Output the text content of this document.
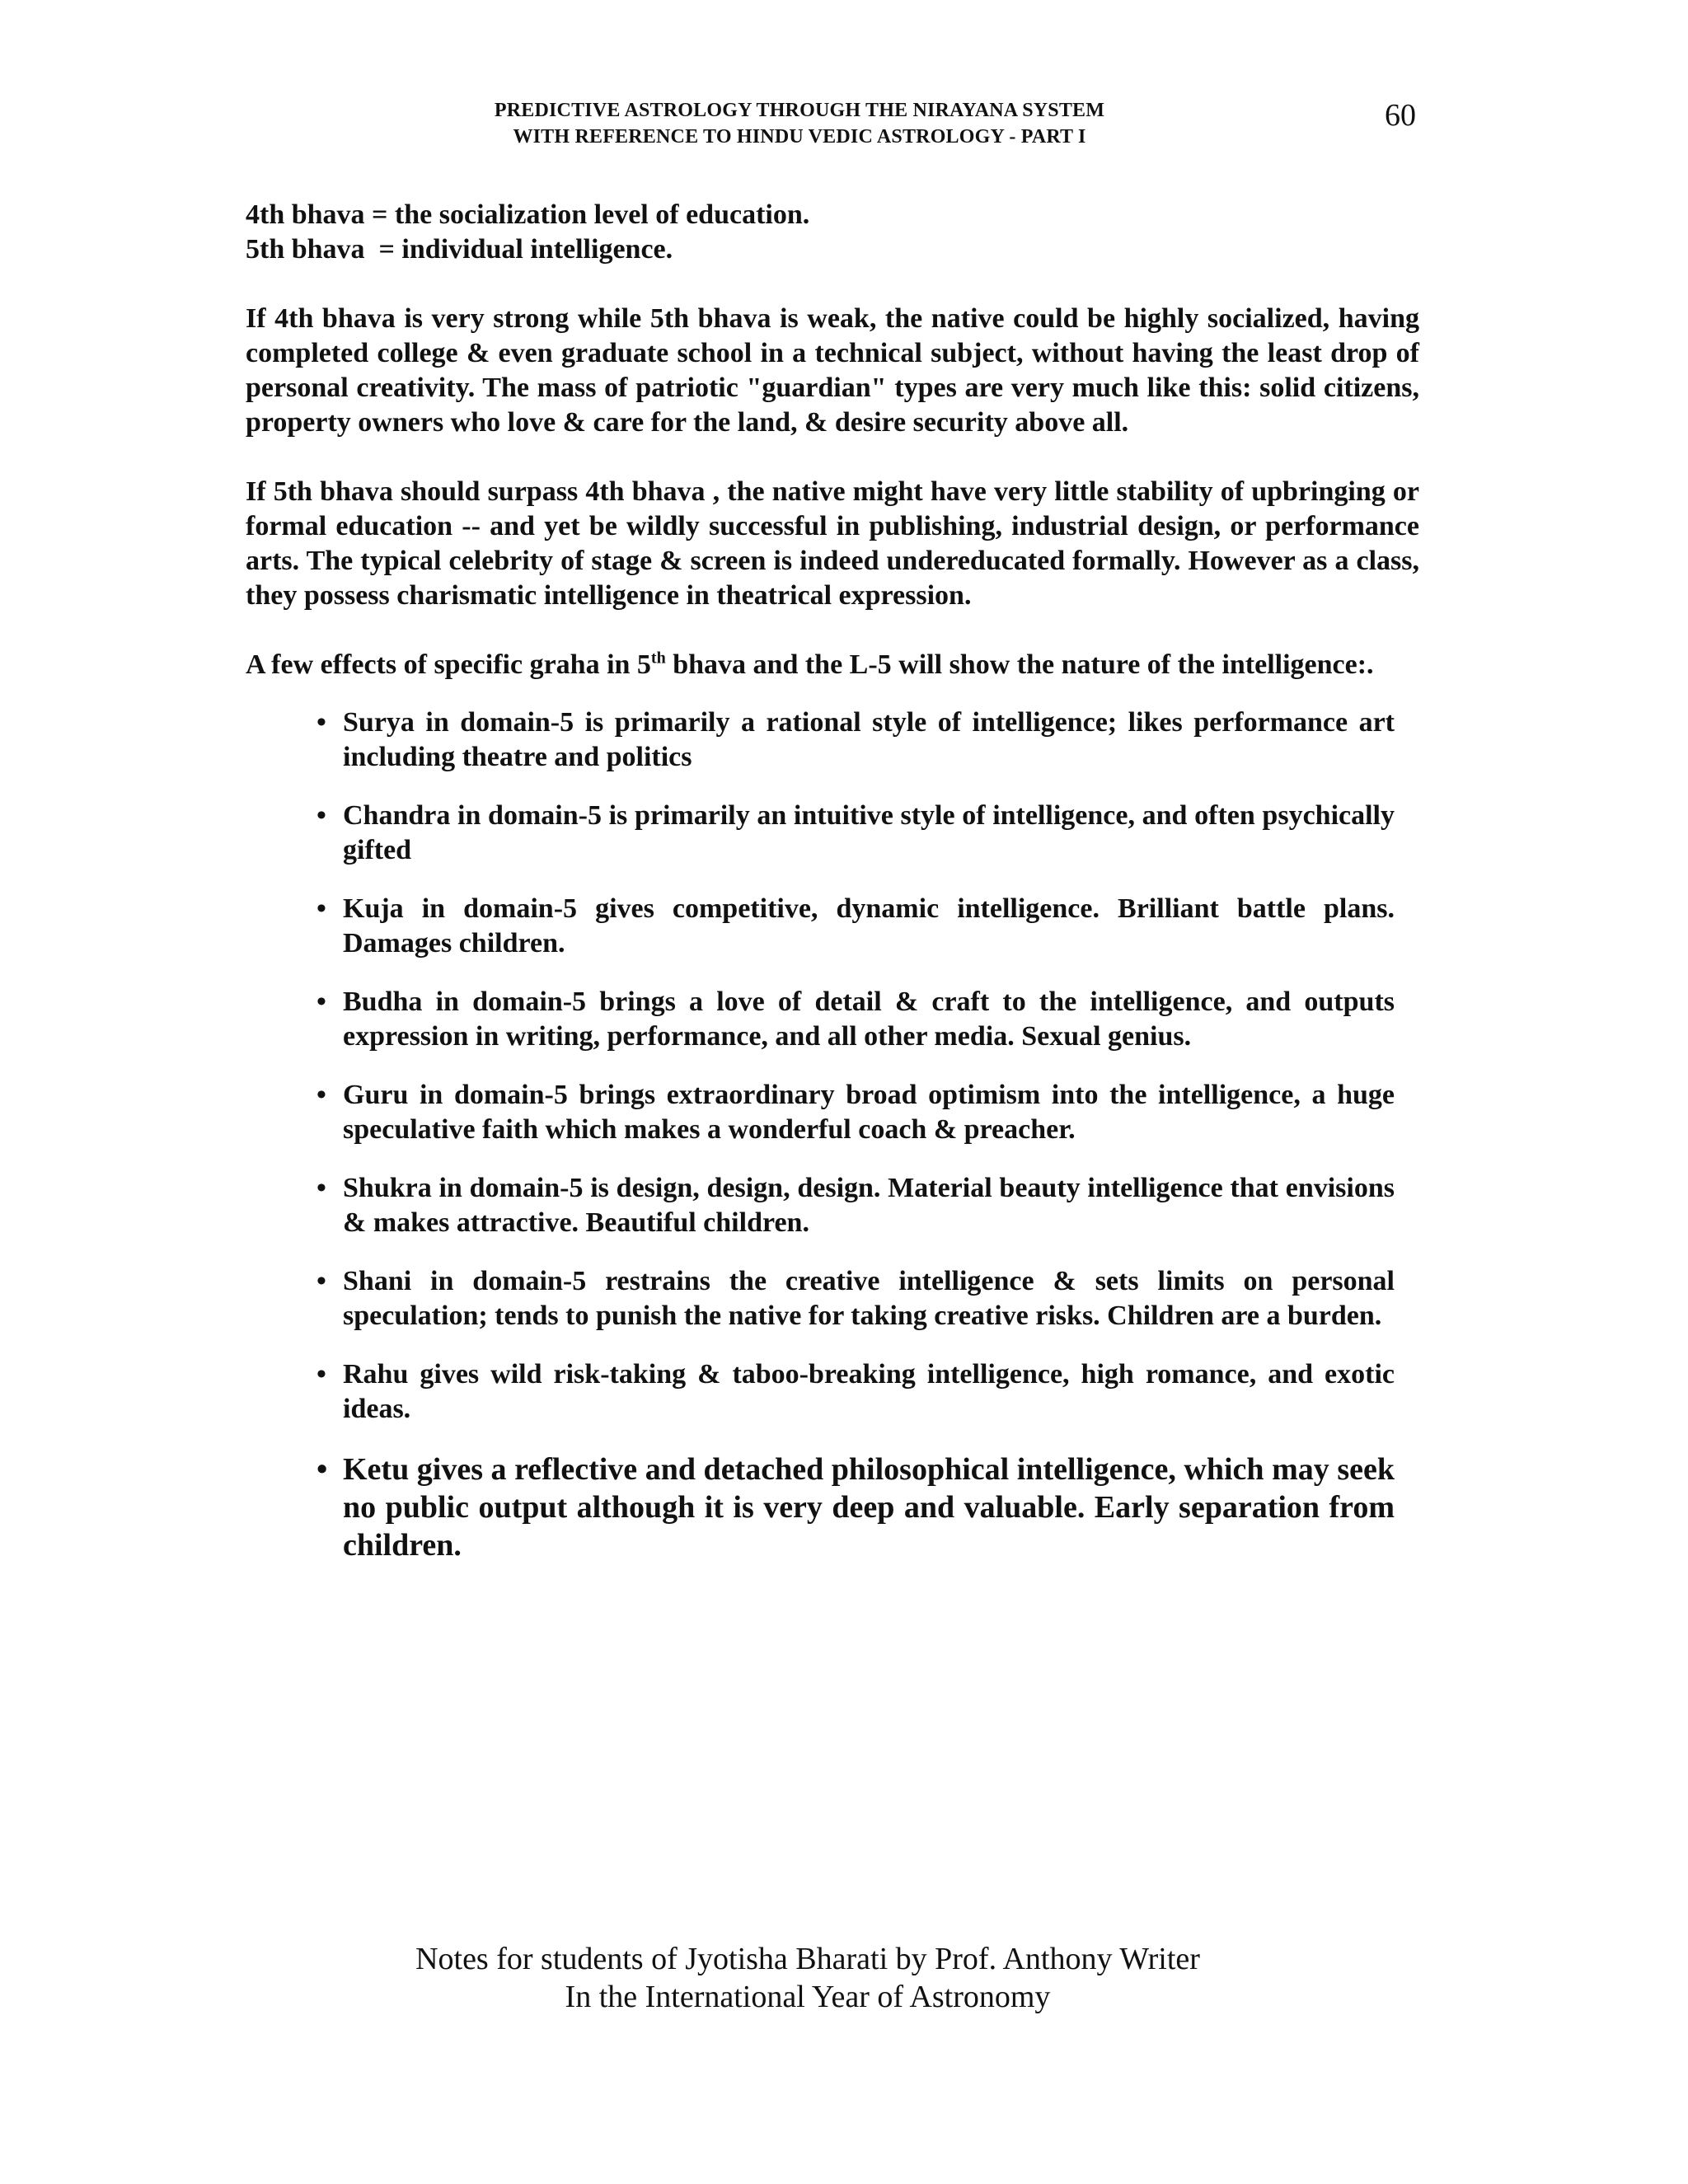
PREDICTIVE ASTROLOGY THROUGH THE NIRAYANA SYSTEM
WITH REFERENCE TO HINDU VEDIC ASTROLOGY - PART I
60

4th bhava = the socialization level of education.

5th bhava  = individual intelligence.

If 4th bhava is very strong while 5th bhava is weak, the native could be highly socialized, having completed college & even graduate school in a technical subject, without having the least drop of personal creativity. The mass of patriotic "guardian" types are very much like this: solid citizens, property owners who love & care for the land, & desire security above all.

If 5th bhava should surpass 4th bhava , the native might have very little stability of upbringing or formal education -- and yet be wildly successful in publishing, industrial design, or performance arts. The typical celebrity of stage & screen is indeed undereducated formally. However as a class, they possess charismatic intelligence in theatrical expression.

A few effects of specific graha in 5th bhava and the L-5 will show the nature of the intelligence:.

• Surya in domain-5 is primarily a rational style of intelligence; likes performance art including theatre and politics
• Chandra in domain-5 is primarily an intuitive style of intelligence, and often psychically gifted
• Kuja in domain-5 gives competitive, dynamic intelligence. Brilliant battle plans. Damages children.
• Budha in domain-5 brings a love of detail & craft to the intelligence, and outputs expression in writing, performance, and all other media. Sexual genius.
• Guru in domain-5 brings extraordinary broad optimism into the intelligence, a huge speculative faith which makes a wonderful coach & preacher.
• Shukra in domain-5 is design, design, design. Material beauty intelligence that envisions & makes attractive. Beautiful children.
• Shani in domain-5 restrains the creative intelligence & sets limits on personal speculation; tends to punish the native for taking creative risks. Children are a burden.
• Rahu gives wild risk-taking & taboo-breaking intelligence, high romance, and exotic ideas.
• Ketu gives a reflective and detached philosophical intelligence, which may seek no public output although it is very deep and valuable. Early separation from children.
Notes for students of Jyotisha Bharati by Prof. Anthony Writer
In the International Year of Astronomy
